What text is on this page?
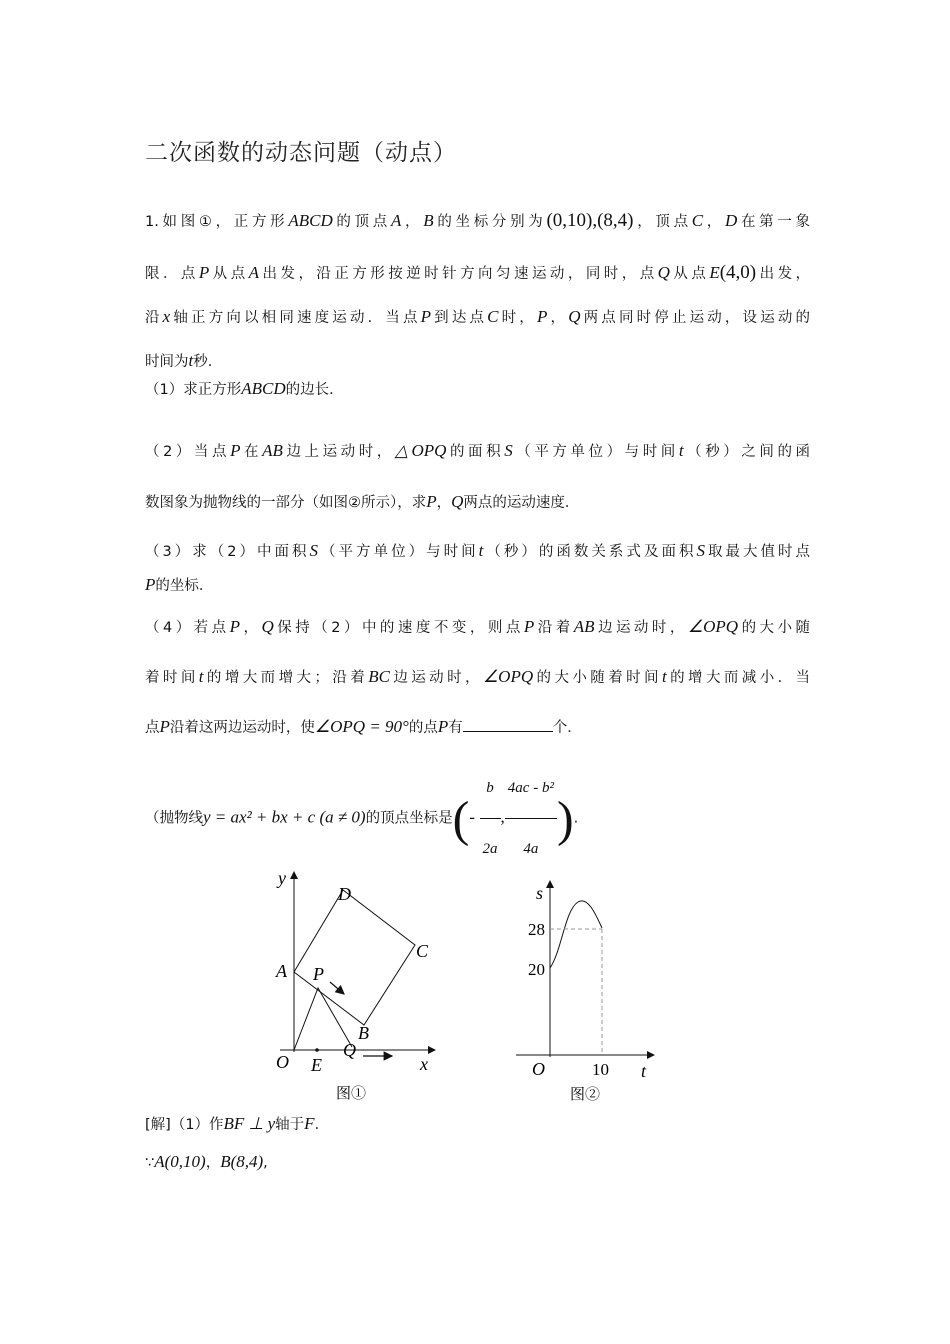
二次函数的动态问题（动点）
1.如图①，正方形ABCD的顶点A，B的坐标分别为(0,10),(8,4)，顶点C，D在第一象
限．点P从点A出发，沿正方形按逆时针方向匀速运动，同时，点Q从点E(4,0)出发，
沿x轴正方向以相同速度运动．当点P到达点C时，P，Q两点同时停止运动，设运动的
时间为t秒．
（1）求正方形ABCD的边长．
（2）当点P在AB边上运动时，△OPQ的面积S（平方单位）与时间t（秒）之间的函
数图象为抛物线的一部分（如图②所示），求P，Q两点的运动速度．
（3）求（2）中面积S（平方单位）与时间t（秒）的函数关系式及面积S取最大值时点
P的坐标．
（4）若点P，Q保持（2）中的速度不变，则点P沿着AB边运动时，∠OPQ的大小随
着时间t的增大而增大；沿着BC边运动时，∠OPQ的大小随着时间t的增大而减小．当
点P沿着这两边运动时，使∠OPQ = 90°的点P有	个．
（抛物线y = ax² + bx + c (a ≠ 0)的顶点坐标是(- $\frac{b}{2a}$ , $\frac{\text{4ac - b²}}{4a}$ ).
y
x
O
A
B
C
D
P
E
Q
图①
s
28
20
O	10 t
图②
[解]（1）作BF ⊥ y轴于F．
∵A(0,10)，B(8,4),
